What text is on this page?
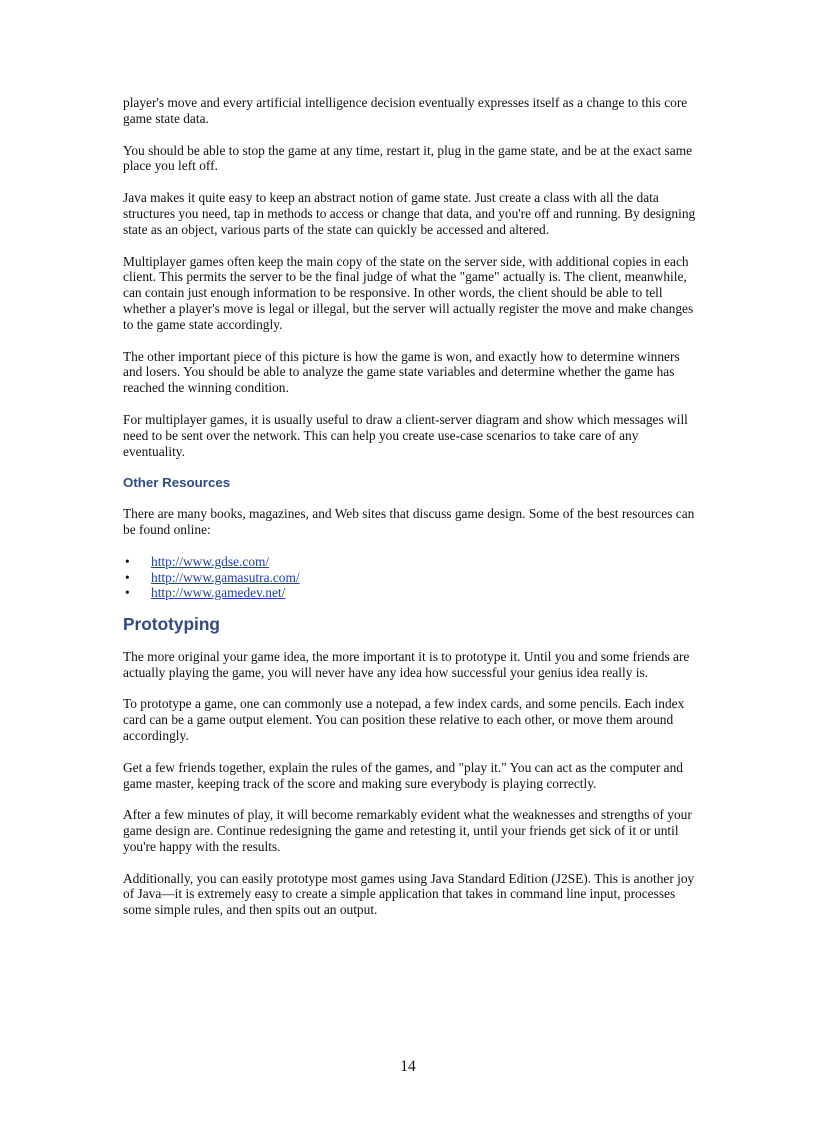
player's move and every artificial intelligence decision eventually expresses itself as a change to this core game state data.

You should be able to stop the game at any time, restart it, plug in the game state, and be at the exact same place you left off.

Java makes it quite easy to keep an abstract notion of game state. Just create a class with all the data structures you need, tap in methods to access or change that data, and you're off and running. By designing state as an object, various parts of the state can quickly be accessed and altered.

Multiplayer games often keep the main copy of the state on the server side, with additional copies in each client. This permits the server to be the final judge of what the "game" actually is. The client, meanwhile, can contain just enough information to be responsive. In other words, the client should be able to tell whether a player's move is legal or illegal, but the server will actually register the move and make changes to the game state accordingly.

The other important piece of this picture is how the game is won, and exactly how to determine winners and losers. You should be able to analyze the game state variables and determine whether the game has reached the winning condition.

For multiplayer games, it is usually useful to draw a client-server diagram and show which messages will need to be sent over the network. This can help you create use-case scenarios to take care of any eventuality.

Other Resources

There are many books, magazines, and Web sites that discuss game design. Some of the best resources can be found online:

• http://www.gdse.com/
• http://www.gamasutra.com/
• http://www.gamedev.net/
Prototyping

The more original your game idea, the more important it is to prototype it. Until you and some friends are actually playing the game, you will never have any idea how successful your genius idea really is.

To prototype a game, one can commonly use a notepad, a few index cards, and some pencils. Each index card can be a game output element. You can position these relative to each other, or move them around accordingly.

Get a few friends together, explain the rules of the games, and "play it." You can act as the computer and game master, keeping track of the score and making sure everybody is playing correctly.

After a few minutes of play, it will become remarkably evident what the weaknesses and strengths of your game design are. Continue redesigning the game and retesting it, until your friends get sick of it or until you're happy with the results.

Additionally, you can easily prototype most games using Java Standard Edition (J2SE). This is another joy of Java—it is extremely easy to create a simple application that takes in command line input, processes some simple rules, and then spits out an output.

14
